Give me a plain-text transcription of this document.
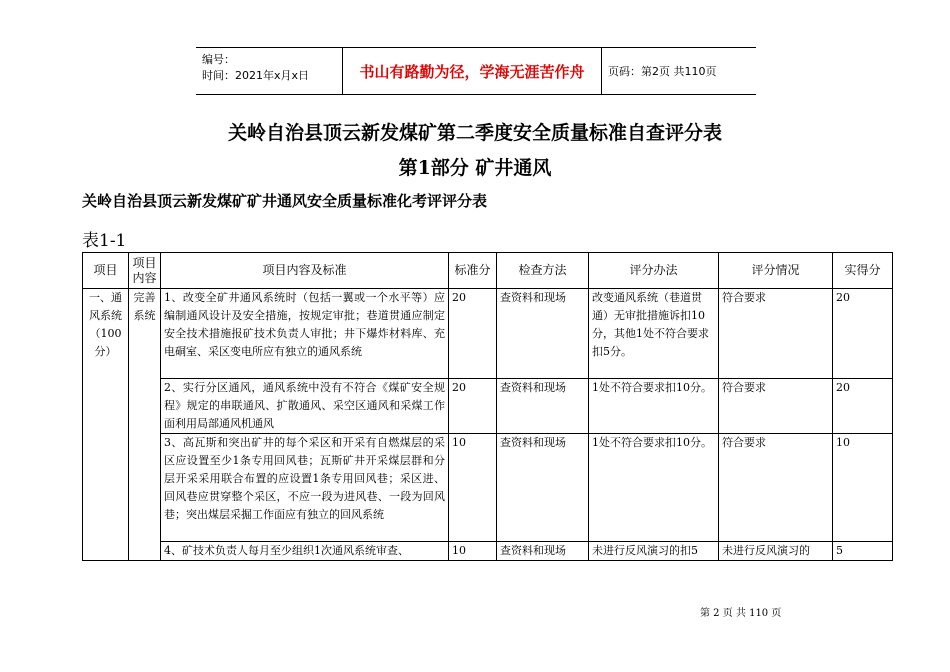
编号：
时间：2021年x月x日	书山有路勤为径，学海无涯苦作舟	页码：第2页 共110页
关岭自治县顶云新发煤矿第二季度安全质量标准自查评分表
第1部分 矿井通风
关岭自治县顶云新发煤矿矿井通风安全质量标准化考评评分表
表1-1
项目	项目内容	项目内容及标准	标准分	检查方法	评分办法	评分情况	实得分
一、通风系统（100分）	完善系统	1、改变全矿井通风系统时（包括一翼或一个水平等）应编制通风设计及安全措施，按规定审批；巷道贯通应制定安全技术措施报矿技术负责人审批；井下爆炸材料库、充电硐室、采区变电所应有独立的通风系统	20	查资料和现场	改变通风系统（巷道贯通）无审批措施诉扣10分，其他1处不符合要求扣5分。	符合要求	20
		2、实行分区通风，通风系统中没有不符合《煤矿安全规程》规定的串联通风、扩散通风、采空区通风和采煤工作面利用局部通风机通风	20	查资料和现场	1处不符合要求扣10分。	符合要求	20
		3、高瓦斯和突出矿井的每个采区和开采有自燃煤层的采区应设置至少1条专用回风巷；瓦斯矿井开采煤层群和分层开采采用联合布置的应设置1条专用回风巷；采区进、回风巷应贯穿整个采区，不应一段为进风巷、一段为回风巷；突出煤层采掘工作面应有独立的回风系统	10	查资料和现场	1处不符合要求扣10分。	符合要求	10
		4、矿技术负责人每月至少组织1次通风系统审查、	10	查资料和现场	未进行反风演习的扣5	未进行反风演习的	5
第 2 页 共 110 页
